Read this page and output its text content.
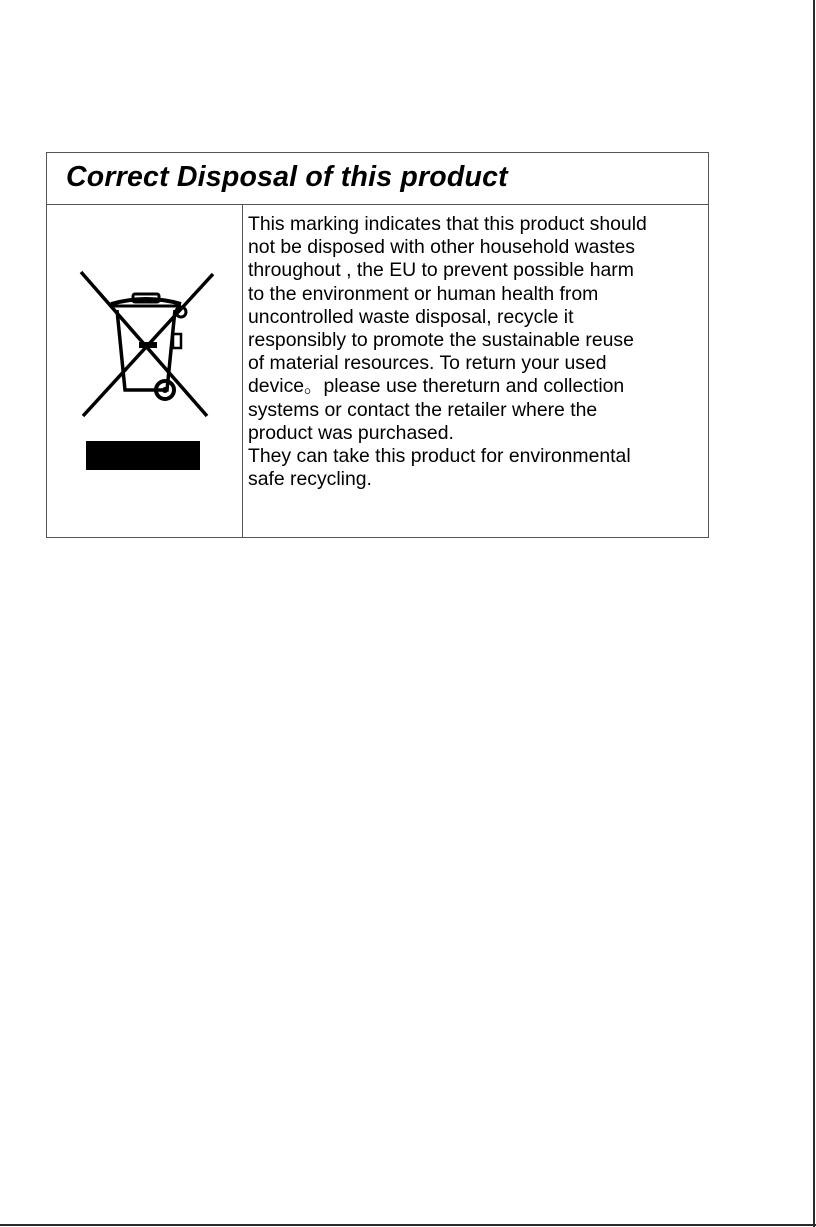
Correct Disposal of this product

This marking indicates that this product should
not be disposed with other household wastes
throughout , the EU to prevent possible harm
to the environment or human health from
uncontrolled waste disposal, recycle it
responsibly to promote the sustainable reuse
of material resources. To return your used
device。please use thereturn and collection
systems or contact the retailer where the
product was purchased.
They can take this product for environmental
safe recycling.
